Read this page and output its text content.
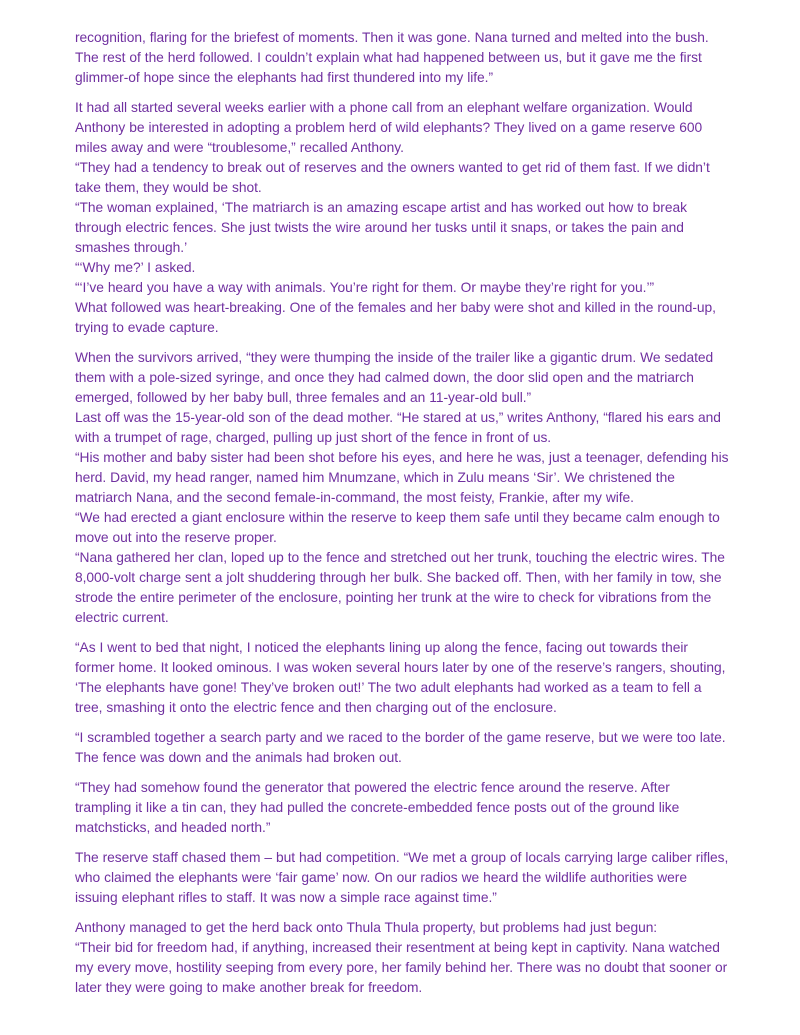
recognition, flaring for the briefest of moments. Then it was gone. Nana turned and melted into the bush. The rest of the herd followed. I couldn’t explain what had happened between us, but it gave me the first glimmer-of hope since the elephants had first thundered into my life.”
It had all started several weeks earlier with a phone call from an elephant welfare organization. Would Anthony be interested in adopting a problem herd of wild elephants? They lived on a game reserve 600 miles away and were “troublesome,” recalled Anthony.
“They had a tendency to break out of reserves and the owners wanted to get rid of them fast. If we didn’t take them, they would be shot.
“The woman explained, ‘The matriarch is an amazing escape artist and has worked out how to break through electric fences. She just twists the wire around her tusks until it snaps, or takes the pain and smashes through.’
“‘Why me?’ I asked.
“‘I’ve heard you have a way with animals. You’re right for them. Or maybe they’re right for you.’”
What followed was heart-breaking. One of the females and her baby were shot and killed in the round-up, trying to evade capture.
When the survivors arrived, “they were thumping the inside of the trailer like a gigantic drum. We sedated them with a pole-sized syringe, and once they had calmed down, the door slid open and the matriarch emerged, followed by her baby bull, three females and an 11-year-old bull.”
Last off was the 15-year-old son of the dead mother. “He stared at us,” writes Anthony, “flared his ears and with a trumpet of rage, charged, pulling up just short of the fence in front of us.
“His mother and baby sister had been shot before his eyes, and here he was, just a teenager, defending his herd. David, my head ranger, named him Mnumzane, which in Zulu means ‘Sir’. We christened the matriarch Nana, and the second female-in-command, the most feisty, Frankie, after my wife.
“We had erected a giant enclosure within the reserve to keep them safe until they became calm enough to move out into the reserve proper.
“Nana gathered her clan, loped up to the fence and stretched out her trunk, touching the electric wires. The 8,000-volt charge sent a jolt shuddering through her bulk. She backed off. Then, with her family in tow, she strode the entire perimeter of the enclosure, pointing her trunk at the wire to check for vibrations from the electric current.
“As I went to bed that night, I noticed the elephants lining up along the fence, facing out towards their former home. It looked ominous. I was woken several hours later by one of the reserve’s rangers, shouting, ‘The elephants have gone! They’ve broken out!’ The two adult elephants had worked as a team to fell a tree, smashing it onto the electric fence and then charging out of the enclosure.
“I scrambled together a search party and we raced to the border of the game reserve, but we were too late. The fence was down and the animals had broken out.
“They had somehow found the generator that powered the electric fence around the reserve. After trampling it like a tin can, they had pulled the concrete-embedded fence posts out of the ground like matchsticks, and headed north.”
The reserve staff chased them – but had competition. “We met a group of locals carrying large caliber rifles, who claimed the elephants were ‘fair game’ now. On our radios we heard the wildlife authorities were issuing elephant rifles to staff. It was now a simple race against time.”
Anthony managed to get the herd back onto Thula Thula property, but problems had just begun:
“Their bid for freedom had, if anything, increased their resentment at being kept in captivity. Nana watched my every move, hostility seeping from every pore, her family behind her. There was no doubt that sooner or later they were going to make another break for freedom.
